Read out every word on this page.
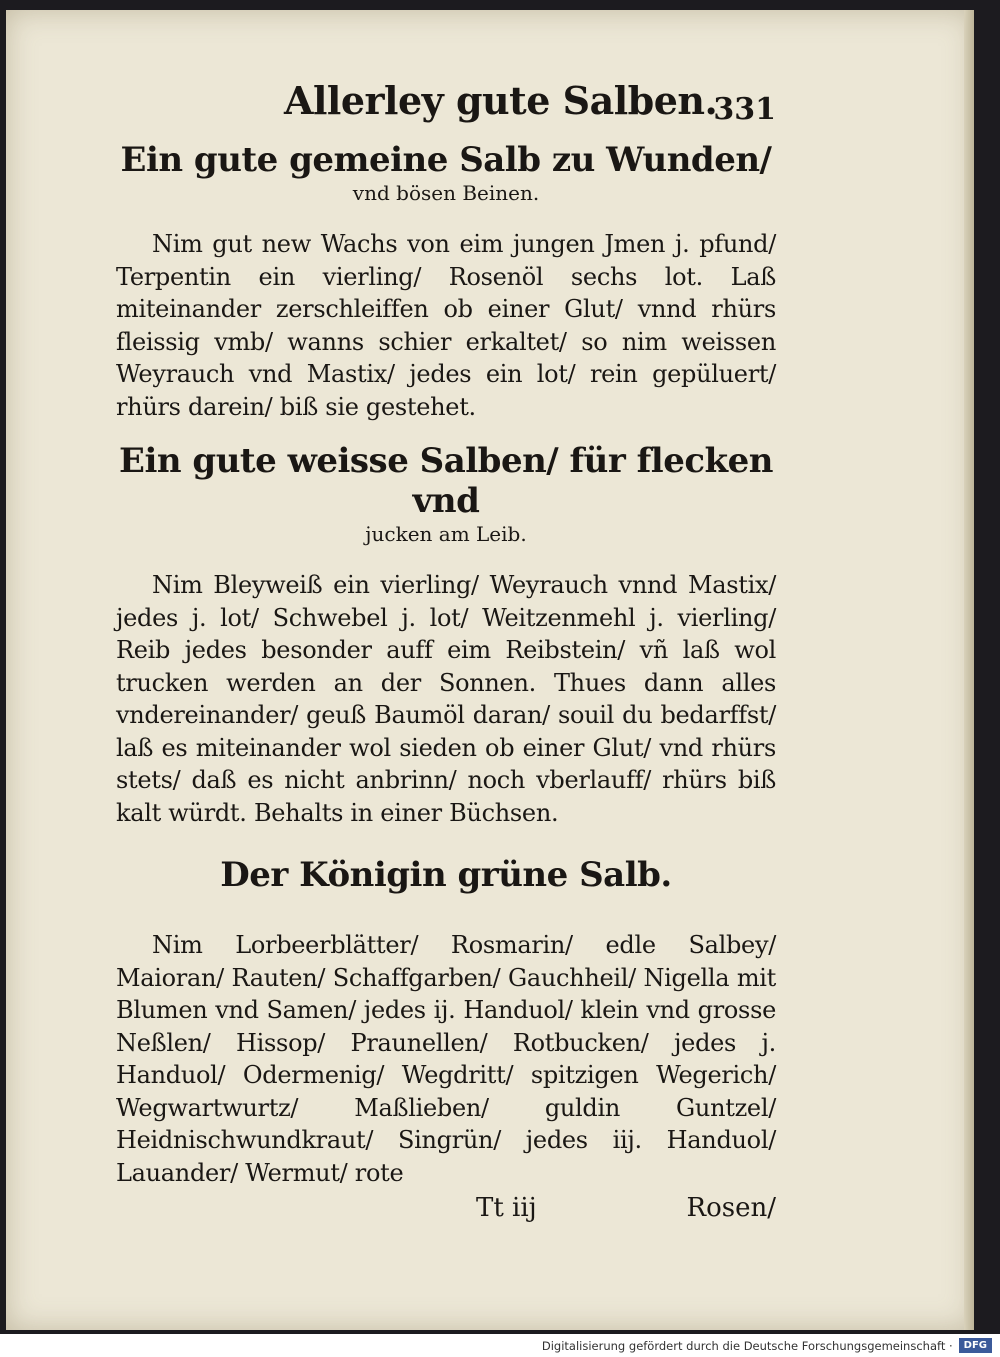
Allerley gute Salben.
331
Ein gute gemeine Salb zu Wunden/

vnd bösen Beinen.

Nim gut new Wachs von eim jungen Jmen j. pfund/ Terpentin ein vierling/ Rosenöl sechs lot. Laß miteinander zerschleiffen ob einer Glut/ vnnd rhürs fleissig vmb/ wanns schier erkaltet/ so nim weissen Weyrauch vnd Mastix/ jedes ein lot/ rein gepüluert/ rhürs darein/ biß sie gestehet.

Ein gute weisse Salben/ für flecken vnd

jucken am Leib.

Nim Bleyweiß ein vierling/ Weyrauch vnnd Mastix/ jedes j. lot/ Schwebel j. lot/ Weitzenmehl j. vierling/ Reib jedes besonder auff eim Reibstein/ vñ laß wol trucken werden an der Sonnen. Thues dann alles vndereinander/ geuß Baumöl daran/ souil du bedarffst/ laß es miteinander wol sieden ob einer Glut/ vnd rhürs stets/ daß es nicht anbrinn/ noch vberlauff/ rhürs biß kalt würdt. Behalts in einer Büchsen.

Der Königin grüne Salb.

Nim Lorbeerblätter/ Rosmarin/ edle Salbey/ Maioran/ Rauten/ Schaffgarben/ Gauchheil/ Nigella mit Blumen vnd Samen/ jedes ij. Handuol/ klein vnd grosse Neßlen/ Hissop/ Praunellen/ Rotbucken/ jedes j. Handuol/ Odermenig/ Wegdritt/ spitzigen Wegerich/ Wegwartwurtz/ Maßlieben/ guldin Guntzel/ Heidnischwundkraut/ Singrün/ jedes iij. Handuol/ Lauander/ Wermut/ rote

Tt iij	Rosen/
Digitalisierung gefördert durch die Deutsche Forschungsgemeinschaft ·	DFG
